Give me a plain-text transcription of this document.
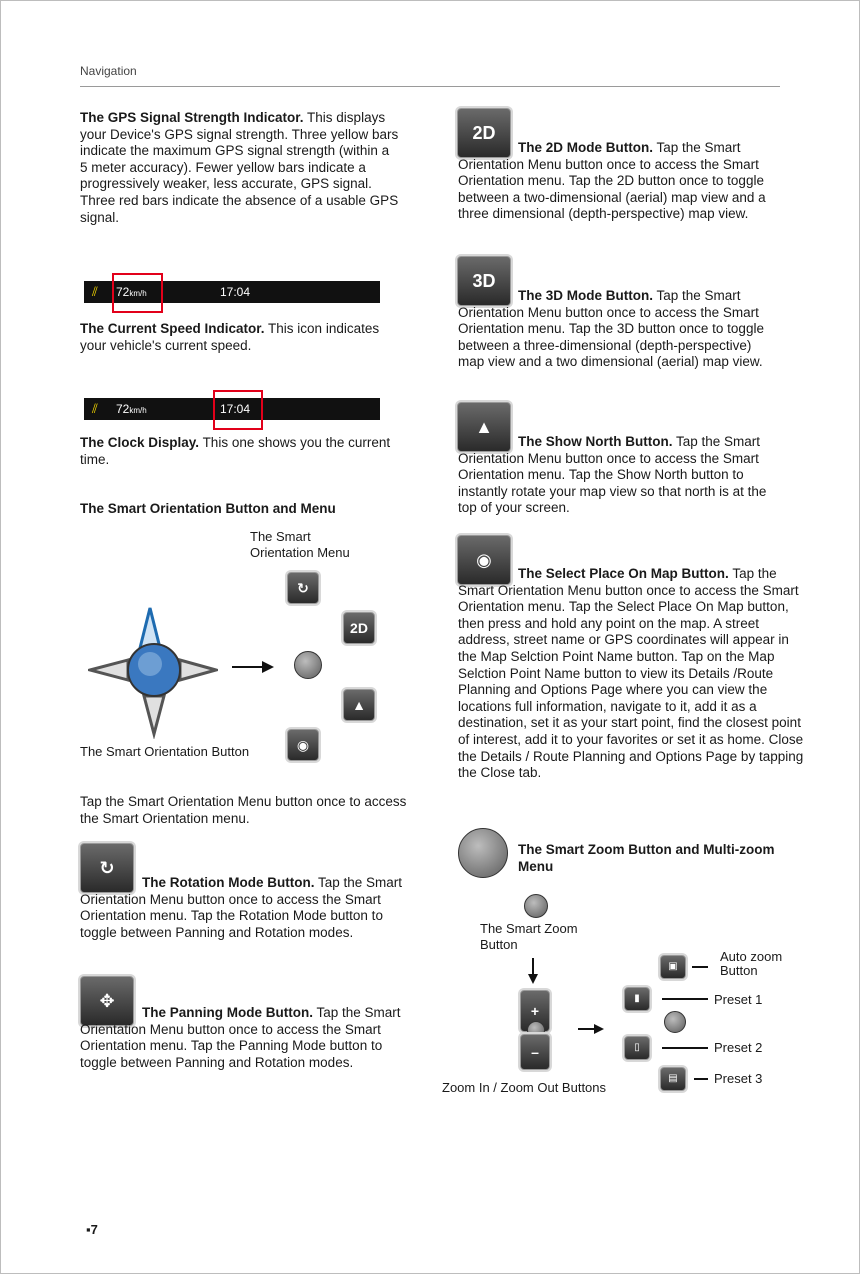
Navigation

The GPS Signal Strength Indicator. This displays your Device's GPS signal strength. Three yellow bars indicate the maximum GPS signal strength (within a 5 meter accuracy). Fewer yellow bars indicate a progressively weaker, less accurate, GPS signal. Three red bars indicate the absence of a usable GPS signal.

⫽ 72km/h	17:04

The Current Speed Indicator. This icon indicates your vehicle's current speed.

⫽ 72km/h	17:04

The Clock Display. This one shows you the current time.

The Smart Orientation Button and Menu

The Smart Orientation Menu
↻
2D
▲
◉
The Smart Orientation Button

Tap the Smart Orientation Menu button once to access the Smart Orientation menu.

↻

The Rotation Mode Button. Tap the Smart Orientation Menu button once to access the Smart Orientation menu. Tap the Rotation Mode button to toggle between Panning and Rotation modes.

✥

The Panning Mode Button. Tap the Smart Orientation Menu button once to access the Smart Orientation menu. Tap the Panning Mode button to toggle between Panning and Rotation modes.

2D

The 2D Mode Button. Tap the Smart Orientation Menu button once to access the Smart Orientation menu. Tap the 2D button once to toggle between a two-dimensional (aerial) map view and a three dimensional (depth-perspective) map view.

3D

The 3D Mode Button. Tap the Smart Orientation Menu button once to access the Smart Orientation menu. Tap the 3D button once to toggle between a three-dimensional (depth-perspective) map view and a two dimensional (aerial) map view.

▲

The Show North Button. Tap the Smart Orientation Menu button once to access the Smart Orientation menu. Tap the Show North button to instantly rotate your map view so that north is at the top of your screen.

◉

The Select Place On Map Button. Tap the Smart Orientation Menu button once to access the Smart Orientation menu. Tap the Select Place On Map button, then press and hold any point on the map. A street address, street name or GPS coordinates will appear in the Map Selction Point Name button. Tap on the Map Selction Point Name button to view its Details /Route Planning and Options Page where you can view the locations full information, navigate to it, add it as a destination, set it as your start point, find the closest point of interest, add it to your favorites or set it as home. Close the Details / Route Planning and Options Page by tapping the Close tab.

The Smart Zoom Button and Multi-zoom Menu

The Smart Zoom Button
+
–
Zoom In / Zoom Out Buttons
▣
Auto zoom Button
▮	Preset 1
▯	Preset 2
▤	Preset 3
▪7
